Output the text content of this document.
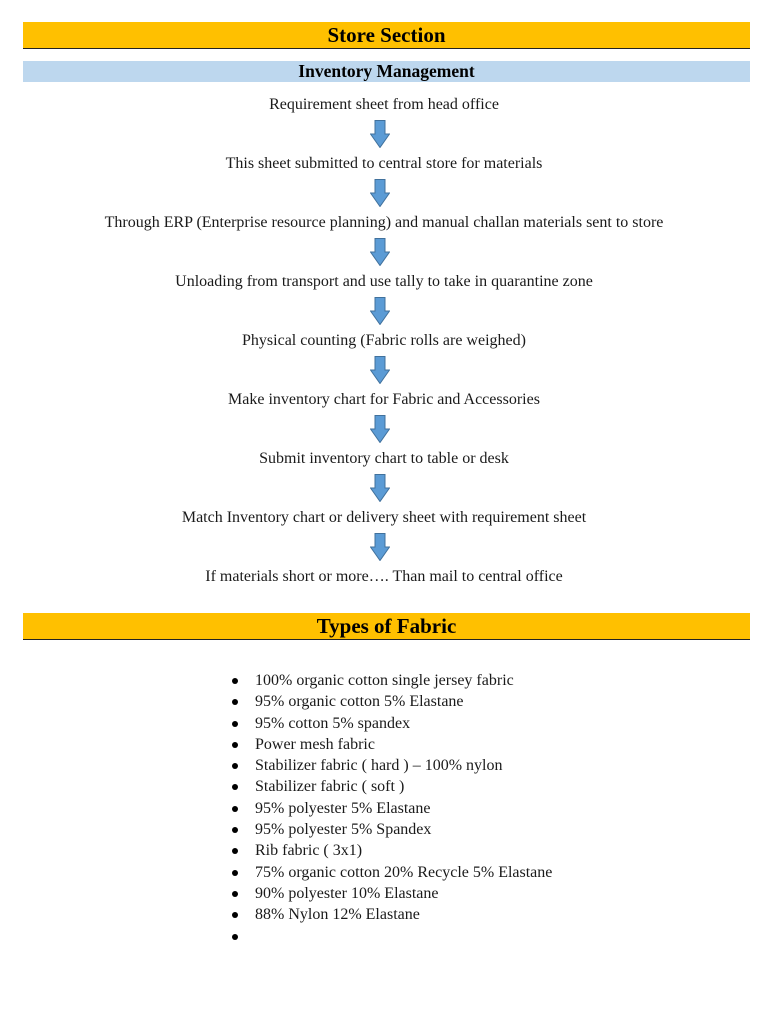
Store Section
Inventory Management
Requirement sheet from head office
This sheet submitted to central store for materials
Through ERP (Enterprise resource planning) and manual challan materials sent to store
Unloading from transport and use tally to take in quarantine zone
Physical counting (Fabric rolls are weighed)
Make inventory chart for Fabric and Accessories
Submit inventory chart to table or desk
Match Inventory chart or delivery sheet with requirement sheet
If materials short or more…. Than mail to central office
Types of Fabric
100% organic cotton single jersey fabric
95% organic cotton 5% Elastane
95% cotton 5% spandex
Power mesh fabric
Stabilizer fabric ( hard ) – 100% nylon
Stabilizer fabric ( soft )
95% polyester 5% Elastane
95% polyester 5% Spandex
Rib fabric ( 3x1)
75% organic cotton 20% Recycle 5% Elastane
90% polyester 10% Elastane
88% Nylon 12% Elastane
